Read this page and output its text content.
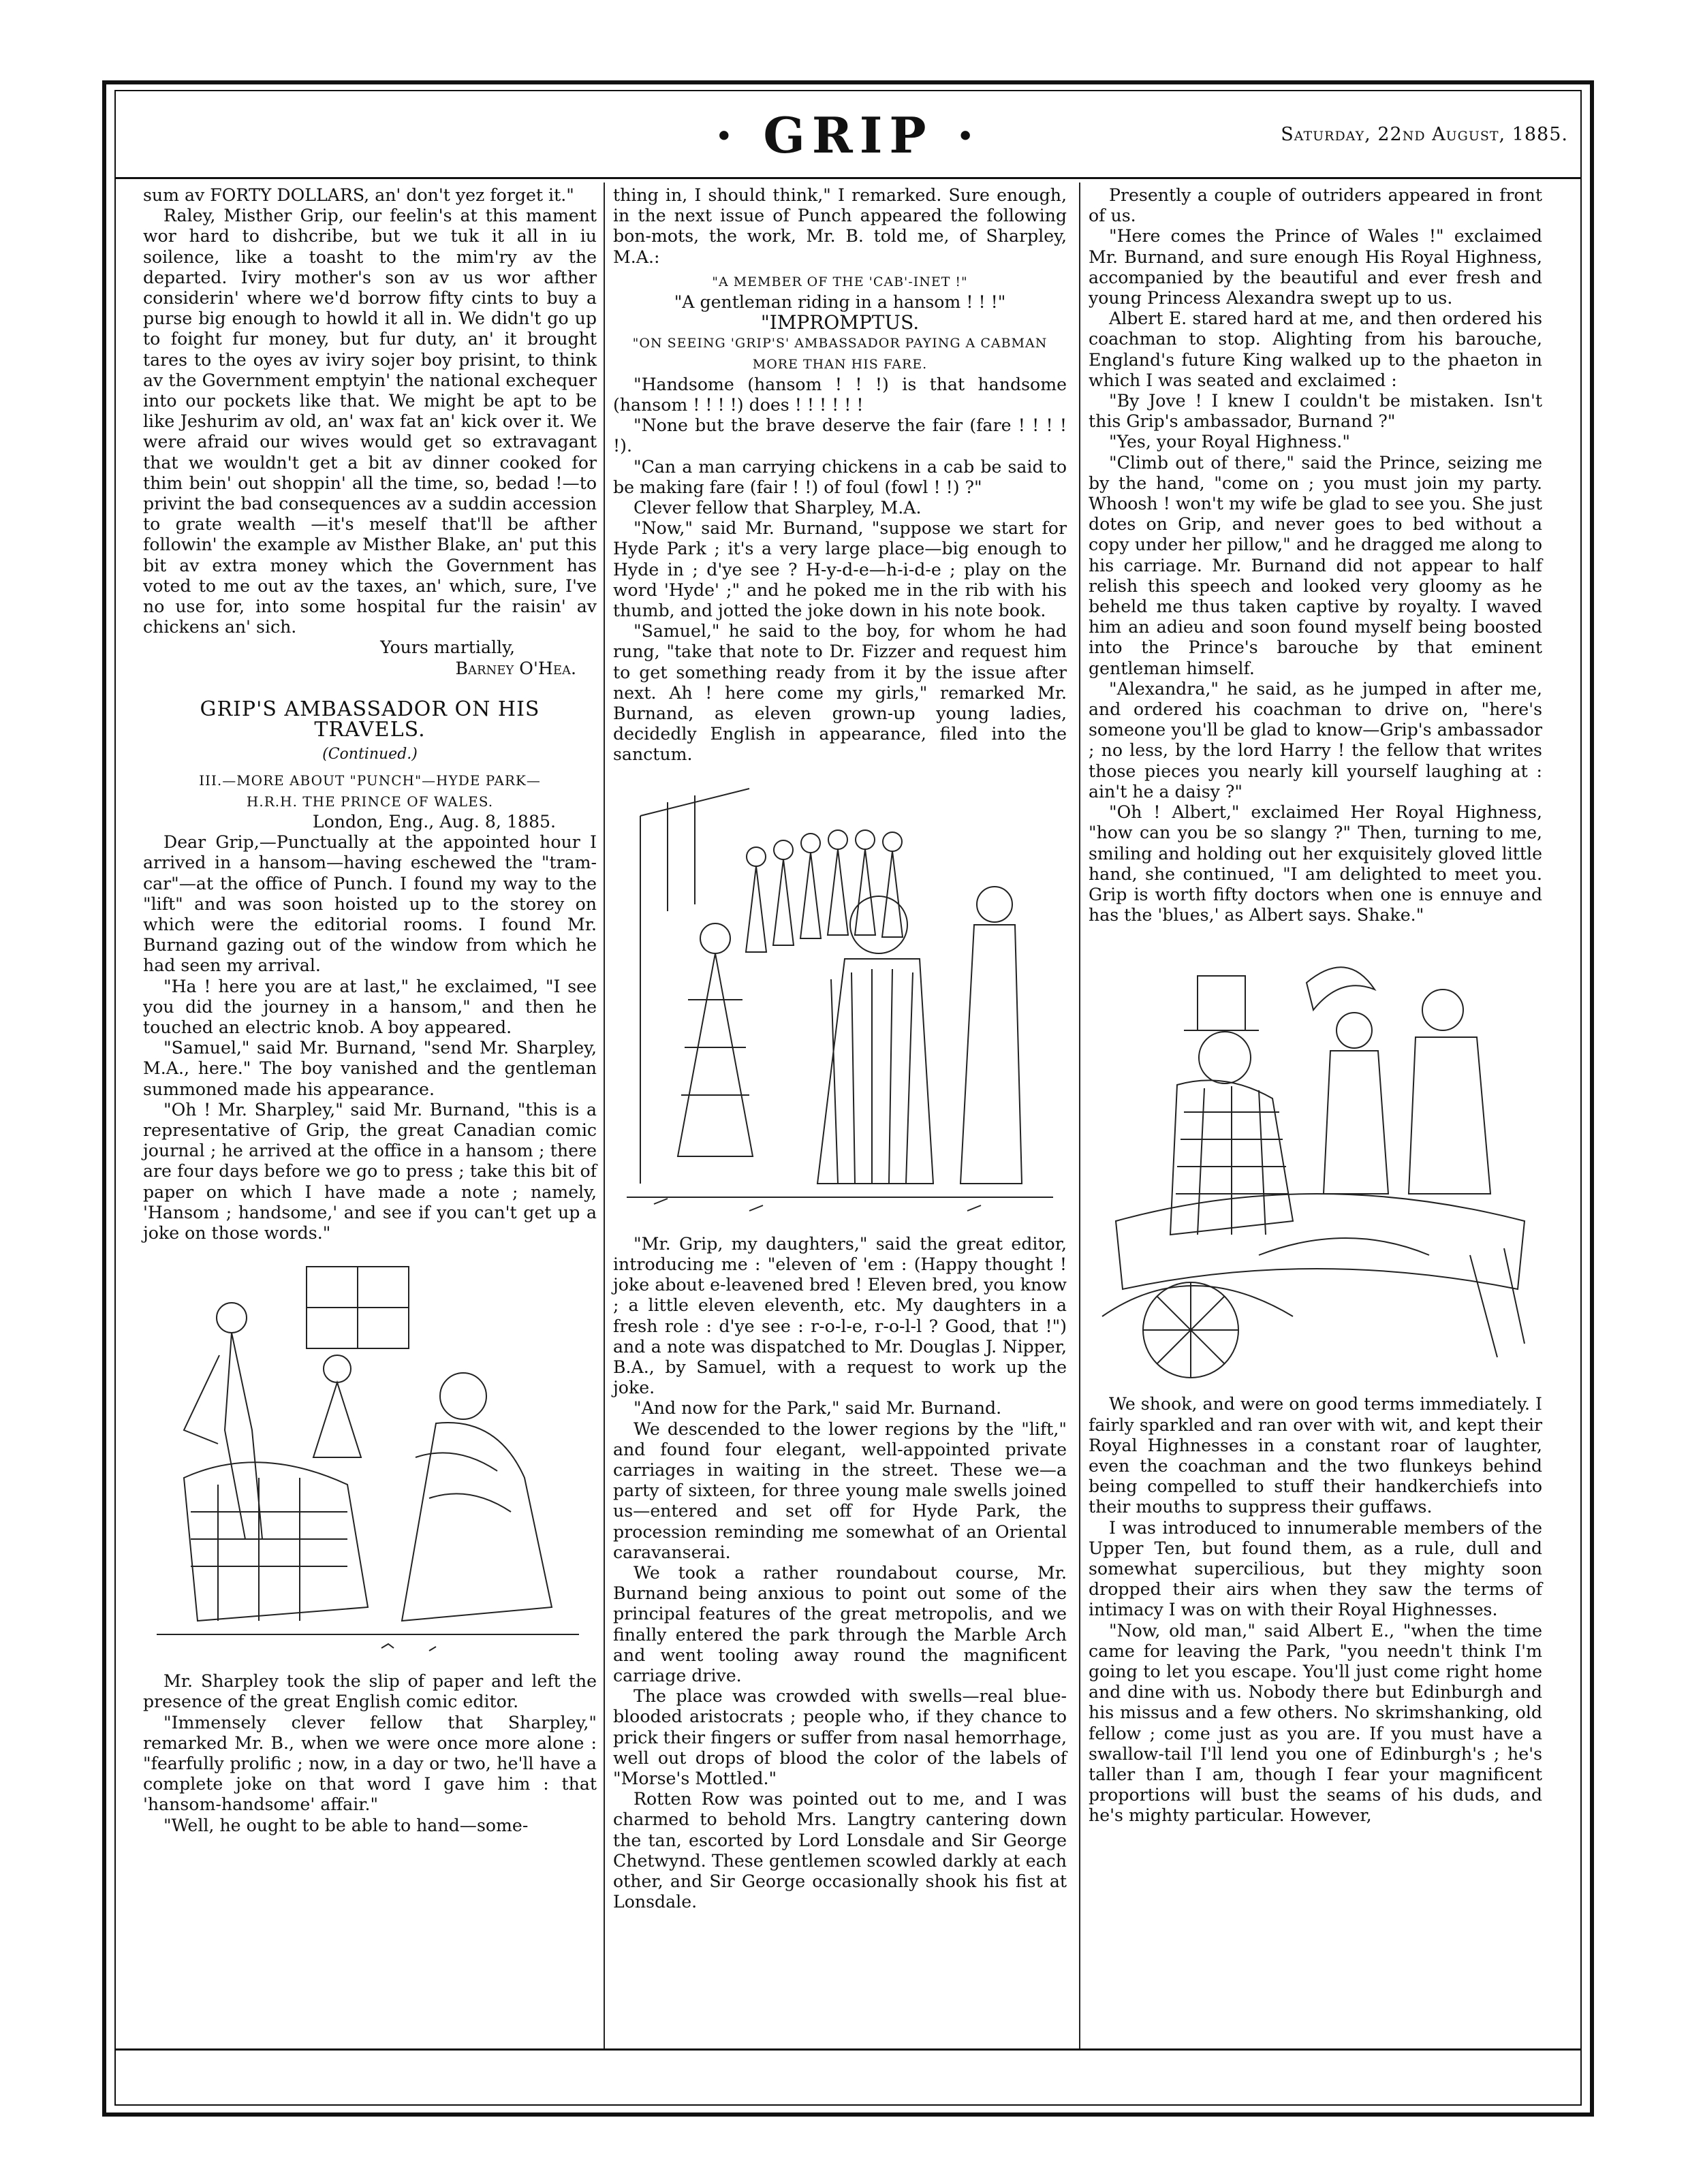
· GRIP ·	Saturday, 22nd August, 1885.

sum av FORTY DOLLARS, an' don't yez forget it."

Raley, Misther Grip, our feelin's at this mament wor hard to dishcribe, but we tuk it all in iu soilence, like a toasht to the mim'ry av the departed. Iviry mother's son av us wor afther considerin' where we'd borrow fifty cints to buy a purse big enough to howld it all in. We didn't go up to foight fur money, but fur duty, an' it brought tares to the oyes av iviry sojer boy prisint, to think av the Government emptyin' the national exchequer into our pockets like that. We might be apt to be like Jeshurim av old, an' wax fat an' kick over it. We were afraid our wives would get so extravagant that we wouldn't get a bit av dinner cooked for thim bein' out shoppin' all the time, so, bedad !—to privint the bad consequences av a suddin accession to grate wealth —it's meself that'll be afther followin' the example av Misther Blake, an' put this bit av extra money which the Government has voted to me out av the taxes, an' which, sure, I've no use for, into some hospital fur the raisin' av chickens an' sich.

Yours martially,

Barney O'Hea.

GRIP'S AMBASSADOR ON HIS TRAVELS.

(Continued.)

III.—MORE ABOUT "PUNCH"—HYDE PARK—

H.R.H. THE PRINCE OF WALES.

London, Eng., Aug. 8, 1885.

Dear Grip,—Punctually at the appointed hour I arrived in a hansom—having eschewed the "tram-car"—at the office of Punch. I found my way to the "lift" and was soon hoisted up to the storey on which were the editorial rooms. I found Mr. Burnand gazing out of the window from which he had seen my arrival.

"Ha ! here you are at last," he exclaimed, "I see you did the journey in a hansom," and then he touched an electric knob. A boy appeared.

"Samuel," said Mr. Burnand, "send Mr. Sharpley, M.A., here." The boy vanished and the gentleman summoned made his appearance.

"Oh ! Mr. Sharpley," said Mr. Burnand, "this is a representative of Grip, the great Canadian comic journal ; he arrived at the office in a hansom ; there are four days before we go to press ; take this bit of paper on which I have made a note ; namely, 'Hansom ; handsome,' and see if you can't get up a joke on those words."

Mr. Sharpley took the slip of paper and left the presence of the great English comic editor.

"Immensely clever fellow that Sharpley," remarked Mr. B., when we were once more alone : "fearfully prolific ; now, in a day or two, he'll have a complete joke on that word I gave him : that 'hansom-handsome' affair."

"Well, he ought to be able to hand—some-

thing in, I should think," I remarked. Sure enough, in the next issue of Punch appeared the following bon-mots, the work, Mr. B. told me, of Sharpley, M.A.:

"A MEMBER OF THE 'CAB'-INET !"

"A gentleman riding in a hansom ! ! !"

"IMPROMPTUS.

"ON SEEING 'GRIP'S' AMBASSADOR PAYING A CABMAN MORE THAN HIS FARE.

"Handsome (hansom ! ! !) is that handsome (hansom ! ! ! !) does ! ! ! ! ! !

"None but the brave deserve the fair (fare ! ! ! ! !).

"Can a man carrying chickens in a cab be said to be making fare (fair ! !) of foul (fowl ! !) ?"

Clever fellow that Sharpley, M.A.

"Now," said Mr. Burnand, "suppose we start for Hyde Park ; it's a very large place—big enough to Hyde in ; d'ye see ? H-y-d-e—h-i-d-e ; play on the word 'Hyde' ;" and he poked me in the rib with his thumb, and jotted the joke down in his note book.

"Samuel," he said to the boy, for whom he had rung, "take that note to Dr. Fizzer and request him to get something ready from it by the issue after next. Ah ! here come my girls," remarked Mr. Burnand, as eleven grown-up young ladies, decidedly English in appearance, filed into the sanctum.

"Mr. Grip, my daughters," said the great editor, introducing me : "eleven of 'em : (Happy thought ! joke about e-leavened bred ! Eleven bred, you know ; a little eleven eleventh, etc. My daughters in a fresh role : d'ye see : r-o-l-e, r-o-l-l ? Good, that !") and a note was dispatched to Mr. Douglas J. Nipper, B.A., by Samuel, with a request to work up the joke.

"And now for the Park," said Mr. Burnand.

We descended to the lower regions by the "lift," and found four elegant, well-appointed private carriages in waiting in the street. These we—a party of sixteen, for three young male swells joined us—entered and set off for Hyde Park, the procession reminding me somewhat of an Oriental caravanserai.

We took a rather roundabout course, Mr. Burnand being anxious to point out some of the principal features of the great metropolis, and we finally entered the park through the Marble Arch and went tooling away round the magnificent carriage drive.

The place was crowded with swells—real blue-blooded aristocrats ; people who, if they chance to prick their fingers or suffer from nasal hemorrhage, well out drops of blood the color of the labels of "Morse's Mottled."

Rotten Row was pointed out to me, and I was charmed to behold Mrs. Langtry cantering down the tan, escorted by Lord Lonsdale and Sir George Chetwynd. These gentlemen scowled darkly at each other, and Sir George occasionally shook his fist at Lonsdale.

Presently a couple of outriders appeared in front of us.

"Here comes the Prince of Wales !" exclaimed Mr. Burnand, and sure enough His Royal Highness, accompanied by the beautiful and ever fresh and young Princess Alexandra swept up to us.

Albert E. stared hard at me, and then ordered his coachman to stop. Alighting from his barouche, England's future King walked up to the phaeton in which I was seated and exclaimed :

"By Jove ! I knew I couldn't be mistaken. Isn't this Grip's ambassador, Burnand ?"

"Yes, your Royal Highness."

"Climb out of there," said the Prince, seizing me by the hand, "come on ; you must join my party. Whoosh ! won't my wife be glad to see you. She just dotes on Grip, and never goes to bed without a copy under her pillow," and he dragged me along to his carriage. Mr. Burnand did not appear to half relish this speech and looked very gloomy as he beheld me thus taken captive by royalty. I waved him an adieu and soon found myself being boosted into the Prince's barouche by that eminent gentleman himself.

"Alexandra," he said, as he jumped in after me, and ordered his coachman to drive on, "here's someone you'll be glad to know—Grip's ambassador ; no less, by the lord Harry ! the fellow that writes those pieces you nearly kill yourself laughing at : ain't he a daisy ?"

"Oh ! Albert," exclaimed Her Royal Highness, "how can you be so slangy ?" Then, turning to me, smiling and holding out her exquisitely gloved little hand, she continued, "I am delighted to meet you. Grip is worth fifty doctors when one is ennuye and has the 'blues,' as Albert says. Shake."

We shook, and were on good terms immediately. I fairly sparkled and ran over with wit, and kept their Royal Highnesses in a constant roar of laughter, even the coachman and the two flunkeys behind being compelled to stuff their handkerchiefs into their mouths to suppress their guffaws.

I was introduced to innumerable members of the Upper Ten, but found them, as a rule, dull and somewhat supercilious, but they mighty soon dropped their airs when they saw the terms of intimacy I was on with their Royal Highnesses.

"Now, old man," said Albert E., "when the time came for leaving the Park, "you needn't think I'm going to let you escape. You'll just come right home and dine with us. Nobody there but Edinburgh and his missus and a few others. No skrimshanking, old fellow ; come just as you are. If you must have a swallow-tail I'll lend you one of Edinburgh's ; he's taller than I am, though I fear your magnificent proportions will bust the seams of his duds, and he's mighty particular. However,
